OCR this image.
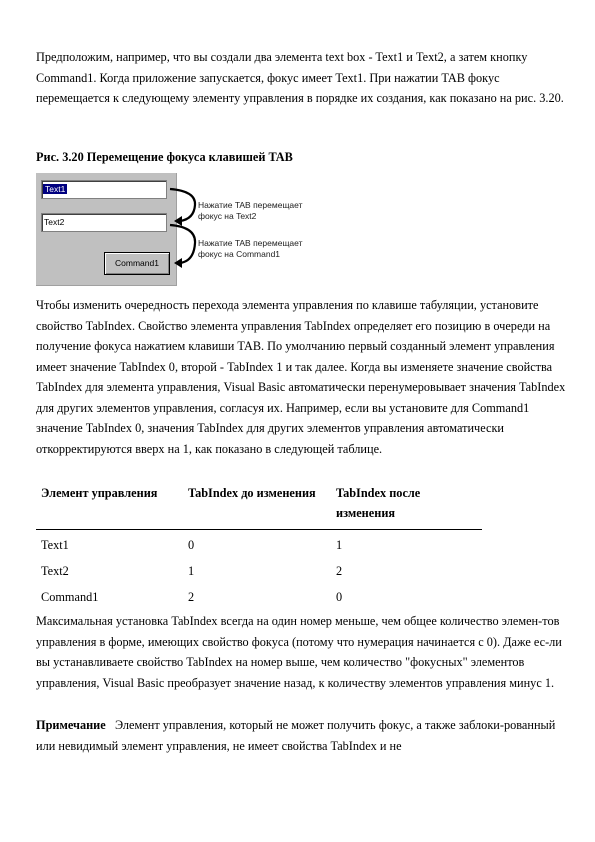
Предположим, например, что вы создали два элемента text box - Text1 и Text2, а затем кнопку Command1. Когда приложение запускается, фокус имеет Text1. При нажатии TAB фокус перемещается к следующему элементу управления в порядке их создания, как показано на рис. 3.20.

Рис. 3.20 Перемещение фокуса клавишей TAB

Text1
Text2
Command1
Нажатие TAB перемещает
фокус на Text2
Нажатие TAB перемещает
фокус на Command1

Чтобы изменить очередность перехода элемента управления по клавише табуляции, установите свойство TabIndex. Свойство элемента управления TabIndex определяет его позицию в очереди на получение фокуса нажатием клавиши TAB. По умолчанию первый созданный элемент управления имеет значение TabIndex 0, второй - TabIndex 1 и так далее. Когда вы изменяете значение свойства TabIndex для элемента управления, Visual Basic автоматически перенумеровывает значения TabIndex для других элементов управления, согласуя их. Например, если вы установите для Command1 значение TabIndex 0, значения TabIndex для других элементов управления автоматически откорректируются вверх на 1, как показано в следующей таблице.

Элемент управления	TabIndex до изменения	TabIndex после изменения
Text1	0	1
Text2	1	2
Command1	2	0

Максимальная установка TabIndex всегда на один номер меньше, чем общее количество элемен-тов управления в форме, имеющих свойство фокуса (потому что нумерация начинается с 0). Даже ес-ли вы устанавливаете свойство TabIndex на номер выше, чем количество "фокусных" элементов управления, Visual Basic преобразует значение назад, к количеству элементов управления минус 1.

Примечание Элемент управления, который не может получить фокус, а также заблоки-рованный или невидимый элемент управления, не имеет свойства TabIndex и не
